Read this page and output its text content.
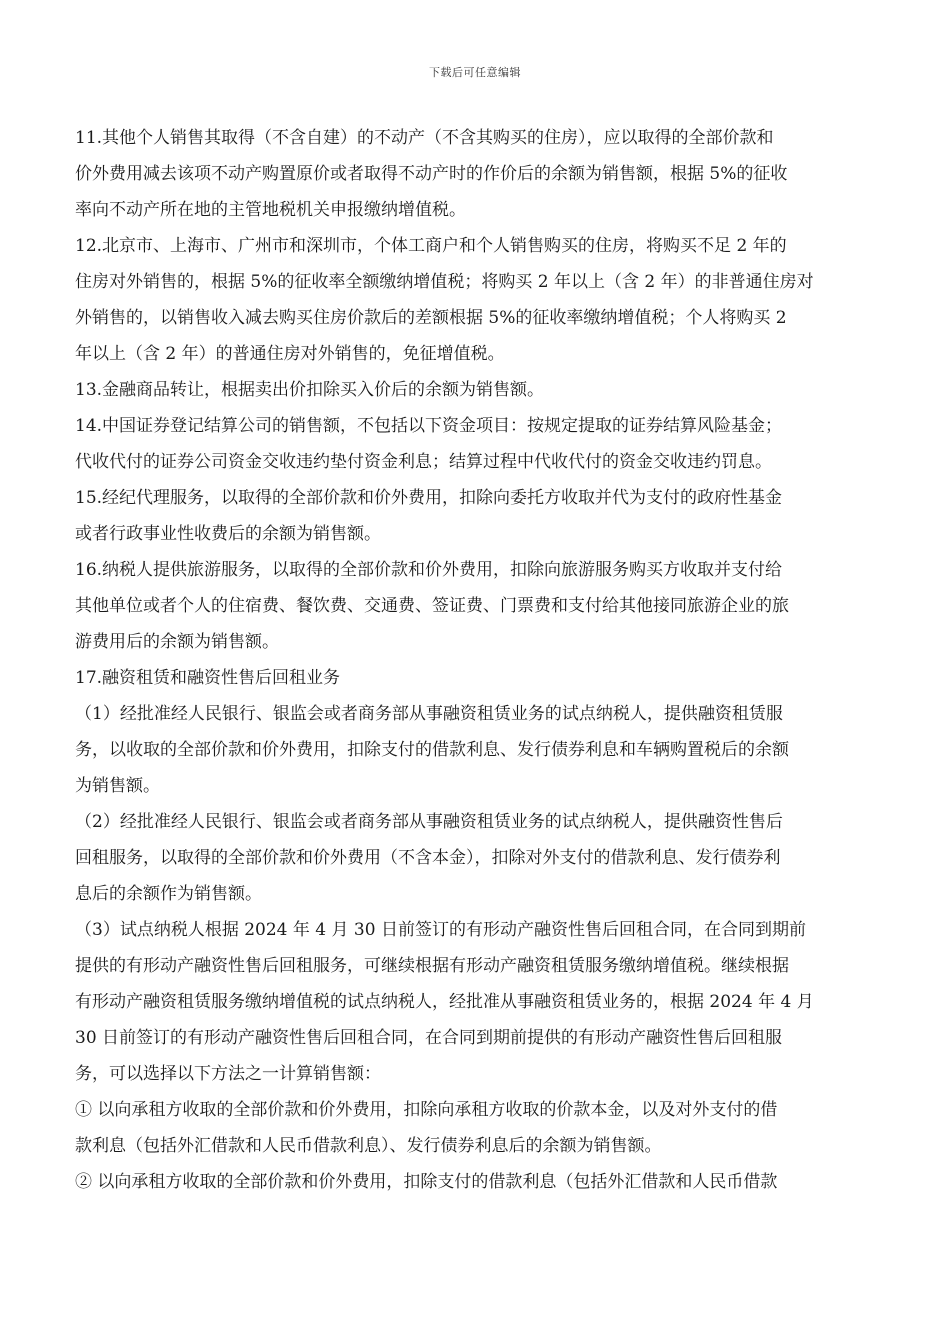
下载后可任意编辑
11.其他个人销售其取得（不含自建）的不动产（不含其购买的住房），应以取得的全部价款和
价外费用减去该项不动产购置原价或者取得不动产时的作价后的余额为销售额，根据 5%的征收
率向不动产所在地的主管地税机关申报缴纳增值税。
12.北京市、上海市、广州市和深圳市，个体工商户和个人销售购买的住房，将购买不足 2 年的
住房对外销售的，根据 5%的征收率全额缴纳增值税；将购买 2 年以上（含 2 年）的非普通住房对
外销售的，以销售收入减去购买住房价款后的差额根据 5%的征收率缴纳增值税；个人将购买 2
年以上（含 2 年）的普通住房对外销售的，免征增值税。
13.金融商品转让，根据卖出价扣除买入价后的余额为销售额。
14.中国证券登记结算公司的销售额，不包括以下资金项目：按规定提取的证券结算风险基金；
代收代付的证券公司资金交收违约垫付资金利息；结算过程中代收代付的资金交收违约罚息。
15.经纪代理服务，以取得的全部价款和价外费用，扣除向委托方收取并代为支付的政府性基金
或者行政事业性收费后的余额为销售额。
16.纳税人提供旅游服务，以取得的全部价款和价外费用，扣除向旅游服务购买方收取并支付给
其他单位或者个人的住宿费、餐饮费、交通费、签证费、门票费和支付给其他接同旅游企业的旅
游费用后的余额为销售额。
17.融资租赁和融资性售后回租业务
（1）经批准经人民银行、银监会或者商务部从事融资租赁业务的试点纳税人，提供融资租赁服
务，以收取的全部价款和价外费用，扣除支付的借款利息、发行债券利息和车辆购置税后的余额
为销售额。
（2）经批准经人民银行、银监会或者商务部从事融资租赁业务的试点纳税人，提供融资性售后
回租服务，以取得的全部价款和价外费用（不含本金），扣除对外支付的借款利息、发行债券利
息后的余额作为销售额。
（3）试点纳税人根据 2024 年 4 月 30 日前签订的有形动产融资性售后回租合同，在合同到期前
提供的有形动产融资性售后回租服务，可继续根据有形动产融资租赁服务缴纳增值税。继续根据
有形动产融资租赁服务缴纳增值税的试点纳税人，经批准从事融资租赁业务的，根据 2024 年 4 月
30 日前签订的有形动产融资性售后回租合同，在合同到期前提供的有形动产融资性售后回租服
务，可以选择以下方法之一计算销售额：
① 以向承租方收取的全部价款和价外费用，扣除向承租方收取的价款本金，以及对外支付的借
款利息（包括外汇借款和人民币借款利息）、发行债券利息后的余额为销售额。
② 以向承租方收取的全部价款和价外费用，扣除支付的借款利息（包括外汇借款和人民币借款
